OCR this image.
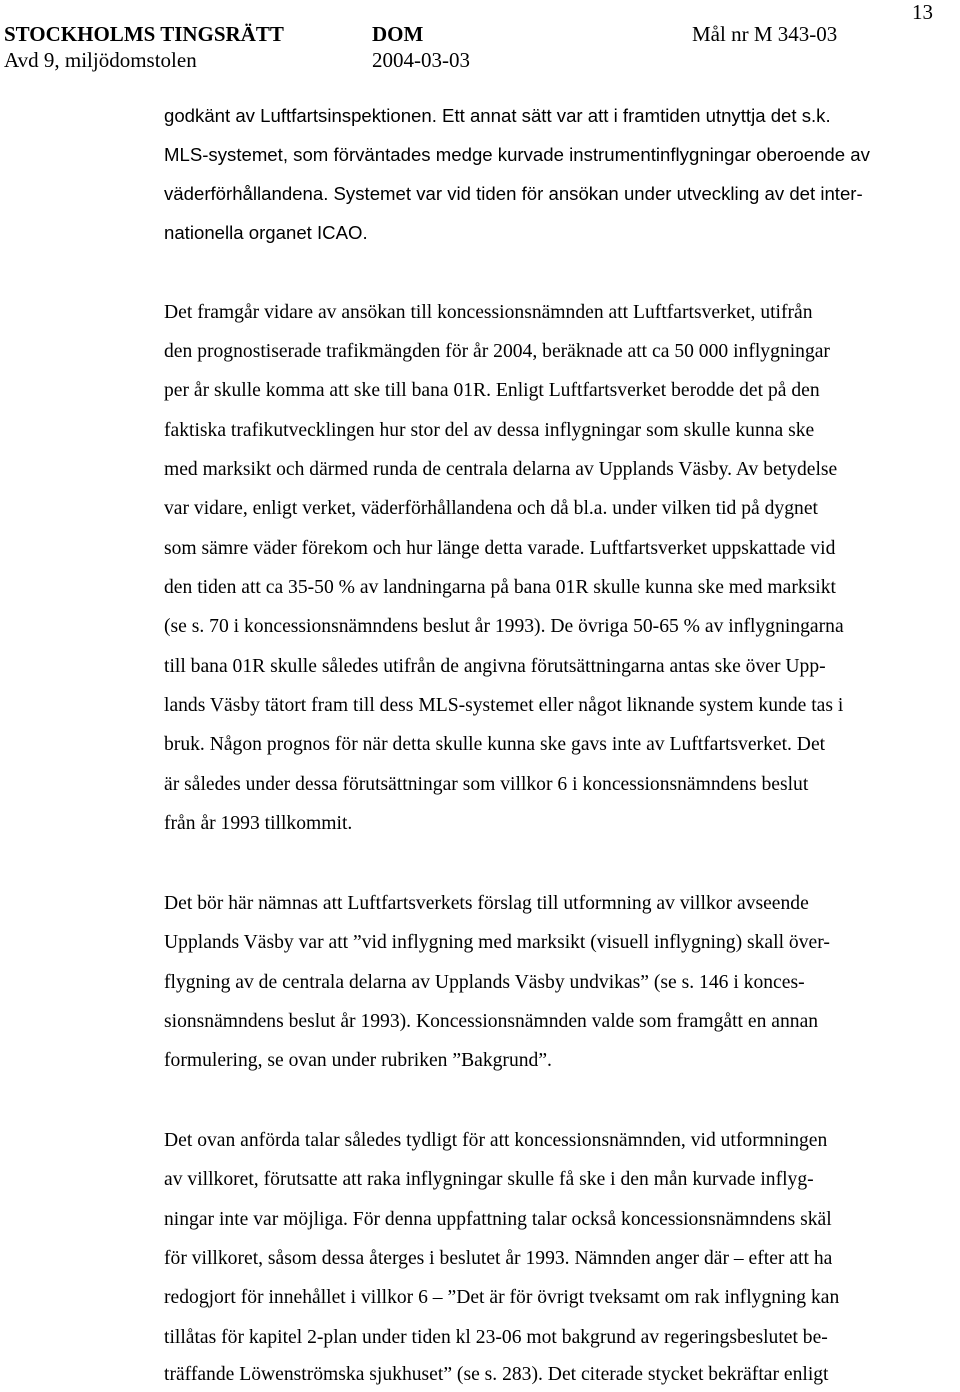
STOCKHOLMS TINGSRÄTT
Avd 9, miljödomstolen
DOM
2004-03-03
Mål nr M 343-03
13
godkänt av Luftfartsinspektionen. Ett annat sätt var att i framtiden utnyttja det s.k.
MLS-systemet, som förväntades medge kurvade instrumentinflygningar oberoende av
väderförhållandena. Systemet var vid tiden för ansökan under utveckling av det inter-
nationella organet ICAO.
Det framgår vidare av ansökan till koncessionsnämnden att Luftfartsverket, utifrån
den prognostiserade trafikmängden för år 2004, beräknade att ca 50 000 inflygningar
per år skulle komma att ske till bana 01R. Enligt Luftfartsverket berodde det på den
faktiska trafikutvecklingen hur stor del av dessa inflygningar som skulle kunna ske
med marksikt och därmed runda de centrala delarna av Upplands Väsby. Av betydelse
var vidare, enligt verket, väderförhållandena och då bl.a. under vilken tid på dygnet
som sämre väder förekom och hur länge detta varade. Luftfartsverket uppskattade vid
den tiden att ca 35-50 % av landningarna på bana 01R skulle kunna ske med marksikt
(se s. 70 i koncessionsnämndens beslut år 1993). De övriga 50-65 % av inflygningarna
till bana 01R skulle således utifrån de angivna förutsättningarna antas ske över Upp-
lands Väsby tätort fram till dess MLS-systemet eller något liknande system kunde tas i
bruk. Någon prognos för när detta skulle kunna ske gavs inte av Luftfartsverket. Det
är således under dessa förutsättningar som villkor 6 i koncessionsnämndens beslut
från år 1993 tillkommit.
Det bör här nämnas att Luftfartsverkets förslag till utformning av villkor avseende
Upplands Väsby var att ”vid inflygning med marksikt (visuell inflygning) skall över-
flygning av de centrala delarna av Upplands Väsby undvikas” (se s. 146 i konces-
sionsnämndens beslut år 1993). Koncessionsnämnden valde som framgått en annan
formulering, se ovan under rubriken ”Bakgrund”.
Det ovan anförda talar således tydligt för att koncessionsnämnden, vid utformningen
av villkoret, förutsatte att raka inflygningar skulle få ske i den mån kurvade inflyg-
ningar inte var möjliga. För denna uppfattning talar också koncessionsnämndens skäl
för villkoret, såsom dessa återges i beslutet år 1993. Nämnden anger där – efter att ha
redogjort för innehållet i villkor 6 – ”Det är för övrigt tveksamt om rak inflygning kan
tillåtas för kapitel 2-plan under tiden kl 23-06 mot bakgrund av regeringsbeslutet be-
träffande Löwenströmska sjukhuset” (se s. 283). Det citerade stycket bekräftar enligt
